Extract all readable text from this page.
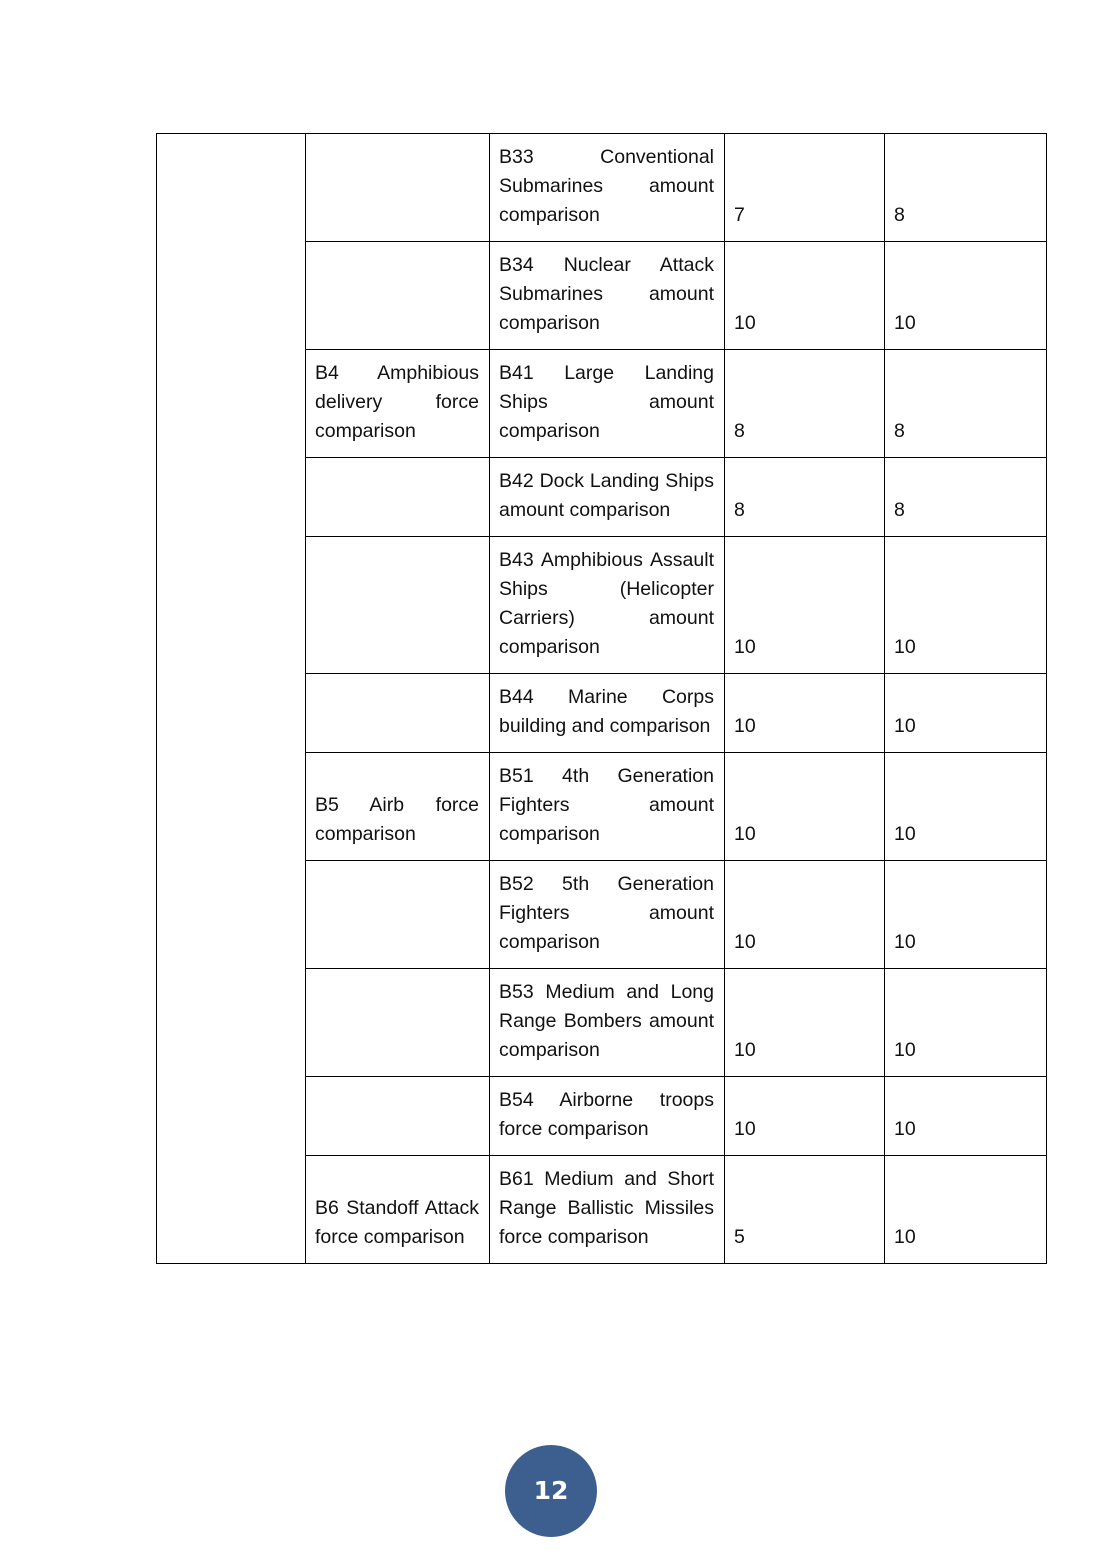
		B33 Conventional Submarines amount comparison	7	8
		B34 Nuclear Attack Submarines amount comparison	10	10
	B4 Amphibious delivery force comparison	B41 Large Landing Ships amount comparison	8	8
		B42 Dock Landing Ships amount comparison	8	8
		B43 Amphibious Assault Ships (Helicopter Carriers) amount comparison	10	10
		B44 Marine Corps building and comparison	10	10
	B5 Airb force comparison	B51 4th Generation Fighters amount comparison	10	10
		B52 5th Generation Fighters amount comparison	10	10
		B53 Medium and Long Range Bombers amount comparison	10	10
		B54 Airborne troops force comparison	10	10
	B6 Standoff Attack force comparison	B61 Medium and Short Range Ballistic Missiles force comparison	5	10
12
